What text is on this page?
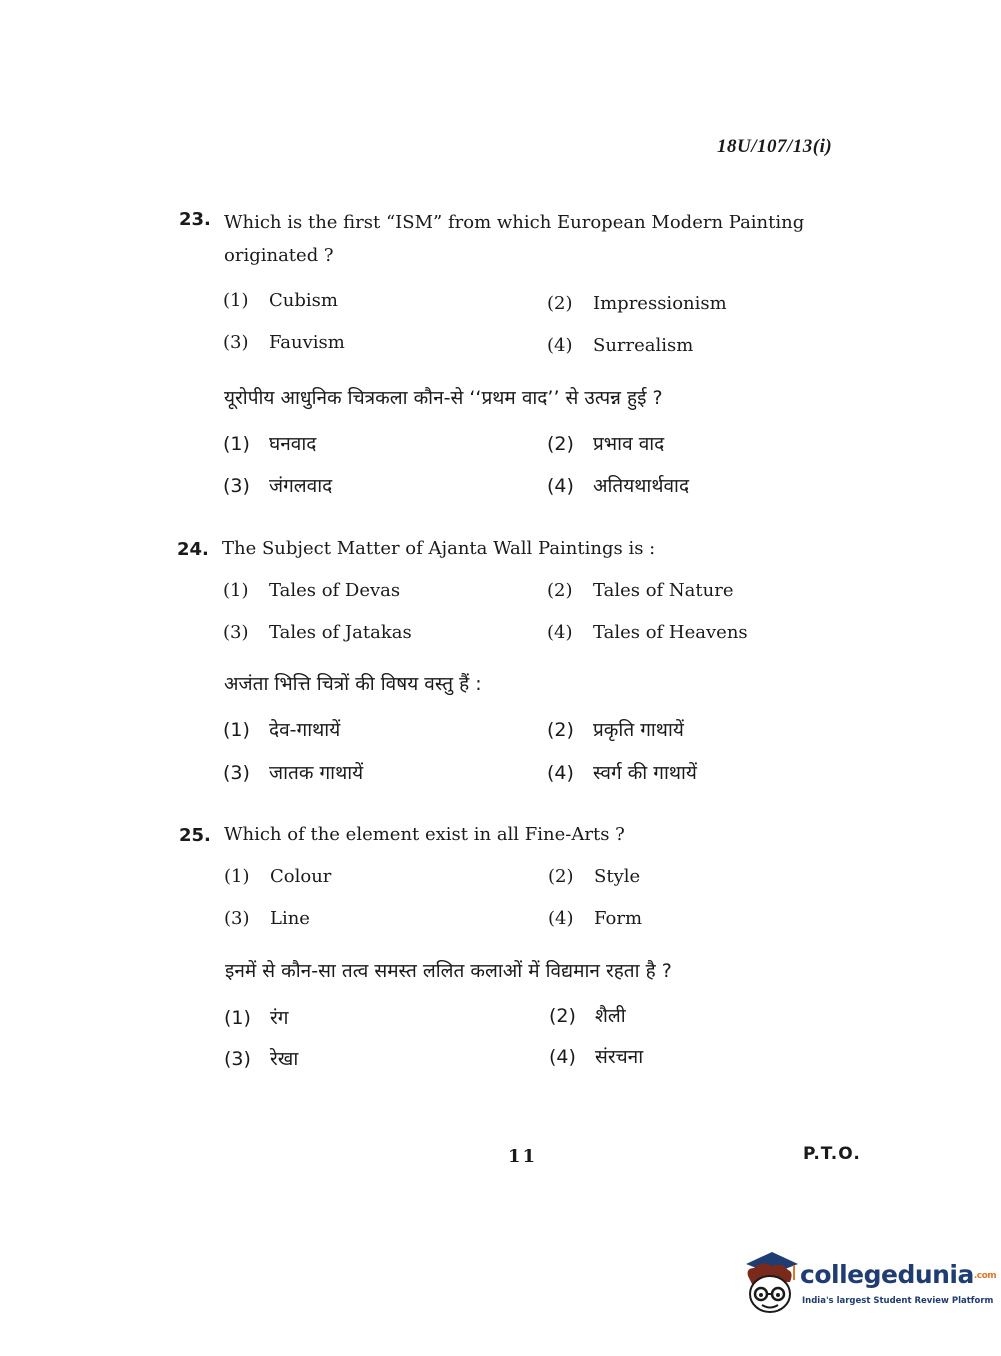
18U/107/13(i)
23. Which is the first “ISM” from which European Modern Painting originated ?
(1) Cubism	(2) Impressionism
(3) Fauvism	(4) Surrealism
यूरोपीय आधुनिक चित्रकला कौन-से ‘‘प्रथम वाद’’ से उत्पन्न हुई ?
(1) घनवाद	(2) प्रभाव वाद
(3) जंगलवाद	(4) अतियथार्थवाद
24. The Subject Matter of Ajanta Wall Paintings is :
(1) Tales of Devas	(2) Tales of Nature
(3) Tales of Jatakas	(4) Tales of Heavens
अजंता भित्ति चित्रों की विषय वस्तु हैं :
(1) देव-गाथायें	(2) प्रकृति गाथायें
(3) जातक गाथायें	(4) स्वर्ग की गाथायें
25. Which of the element exist in all Fine-Arts ?
(1) Colour	(2) Style
(3) Line	(4) Form
इनमें से कौन-सा तत्व समस्त ललित कलाओं में विद्यमान रहता है ?
(1) रंग	(2) शैली
(3) रेखा	(4) संरचना
11	P.T.O.
collegedunia.com
India's largest Student Review Platform
